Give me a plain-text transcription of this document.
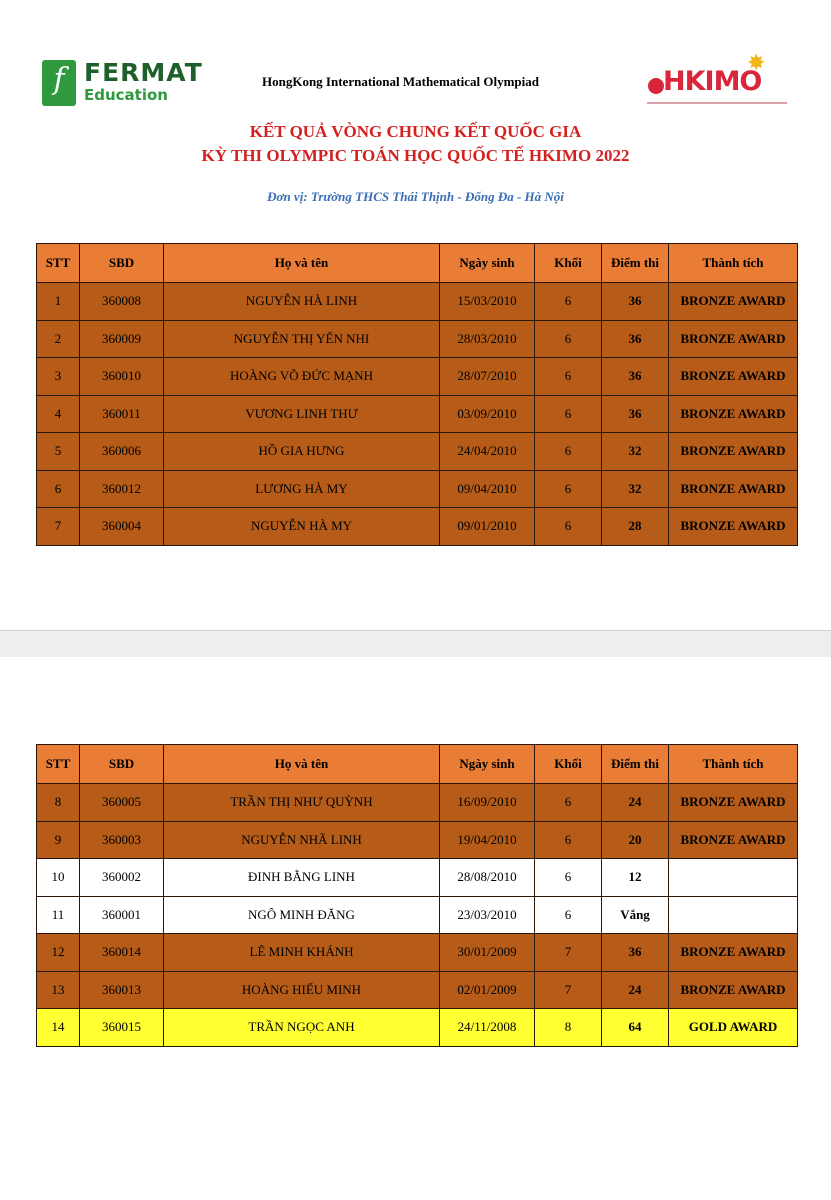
f FERMAT
Education
HongKong International Mathematical Olympiad	HKIMO
✸
KẾT QUẢ VÒNG CHUNG KẾT QUỐC GIA
KỲ THI OLYMPIC TOÁN HỌC QUỐC TẾ HKIMO 2022
Đơn vị: Trường THCS Thái Thịnh - Đống Đa - Hà Nội
STT	SBD	Họ và tên	Ngày sinh	Khối	Điểm thi	Thành tích
1	360008	NGUYỄN HÀ LINH	15/03/2010	6	36	BRONZE AWARD
2	360009	NGUYỄN THỊ YẾN NHI	28/03/2010	6	36	BRONZE AWARD
3	360010	HOÀNG VÕ ĐỨC MẠNH	28/07/2010	6	36	BRONZE AWARD
4	360011	VƯƠNG LINH THƯ	03/09/2010	6	36	BRONZE AWARD
5	360006	HỒ GIA HƯNG	24/04/2010	6	32	BRONZE AWARD
6	360012	LƯƠNG HÀ MY	09/04/2010	6	32	BRONZE AWARD
7	360004	NGUYỄN HÀ MY	09/01/2010	6	28	BRONZE AWARD
STT	SBD	Họ và tên	Ngày sinh	Khối	Điểm thi	Thành tích
8	360005	TRẦN THỊ NHƯ QUỲNH	16/09/2010	6	24	BRONZE AWARD
9	360003	NGUYỄN NHÃ LINH	19/04/2010	6	20	BRONZE AWARD
10	360002	ĐINH BẰNG LINH	28/08/2010	6	12	
11	360001	NGÔ MINH ĐĂNG	23/03/2010	6	Vắng	
12	360014	LÊ MINH KHÁNH	30/01/2009	7	36	BRONZE AWARD
13	360013	HOÀNG HIẾU MINH	02/01/2009	7	24	BRONZE AWARD
14	360015	TRẦN NGỌC ANH	24/11/2008	8	64	GOLD AWARD
